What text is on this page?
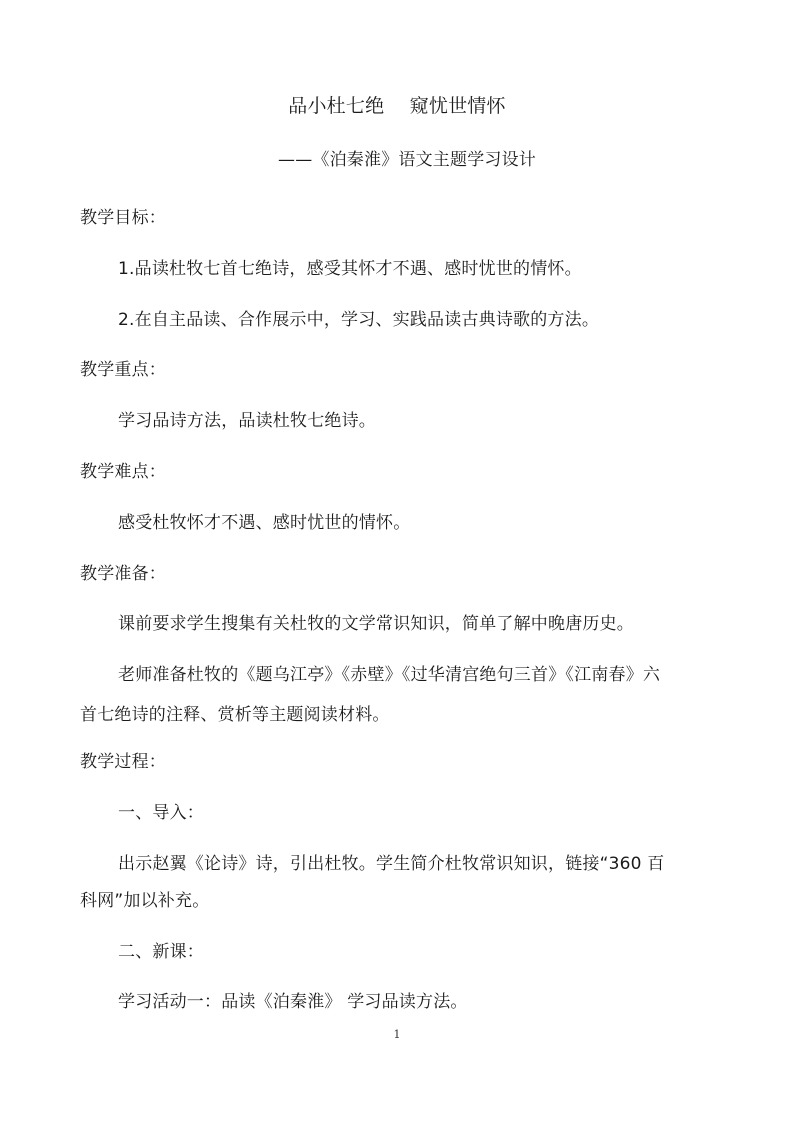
品小杜七绝　 窥忧世情怀
——《泊秦淮》语文主题学习设计
教学目标：
1.品读杜牧七首七绝诗，感受其怀才不遇、感时忧世的情怀。
2.在自主品读、合作展示中，学习、实践品读古典诗歌的方法。
教学重点：
学习品诗方法，品读杜牧七绝诗。
教学难点：
感受杜牧怀才不遇、感时忧世的情怀。
教学准备：
课前要求学生搜集有关杜牧的文学常识知识，简单了解中晚唐历史。
老师准备杜牧的《题乌江亭》《赤壁》《过华清宫绝句三首》《江南春》六
首七绝诗的注释、赏析等主题阅读材料。
教学过程：
一、导入：
出示赵翼《论诗》诗，引出杜牧。学生简介杜牧常识知识，链接“360 百
科网”加以补充。
二、新课：
学习活动一：品读《泊秦淮》 学习品读方法。
1
